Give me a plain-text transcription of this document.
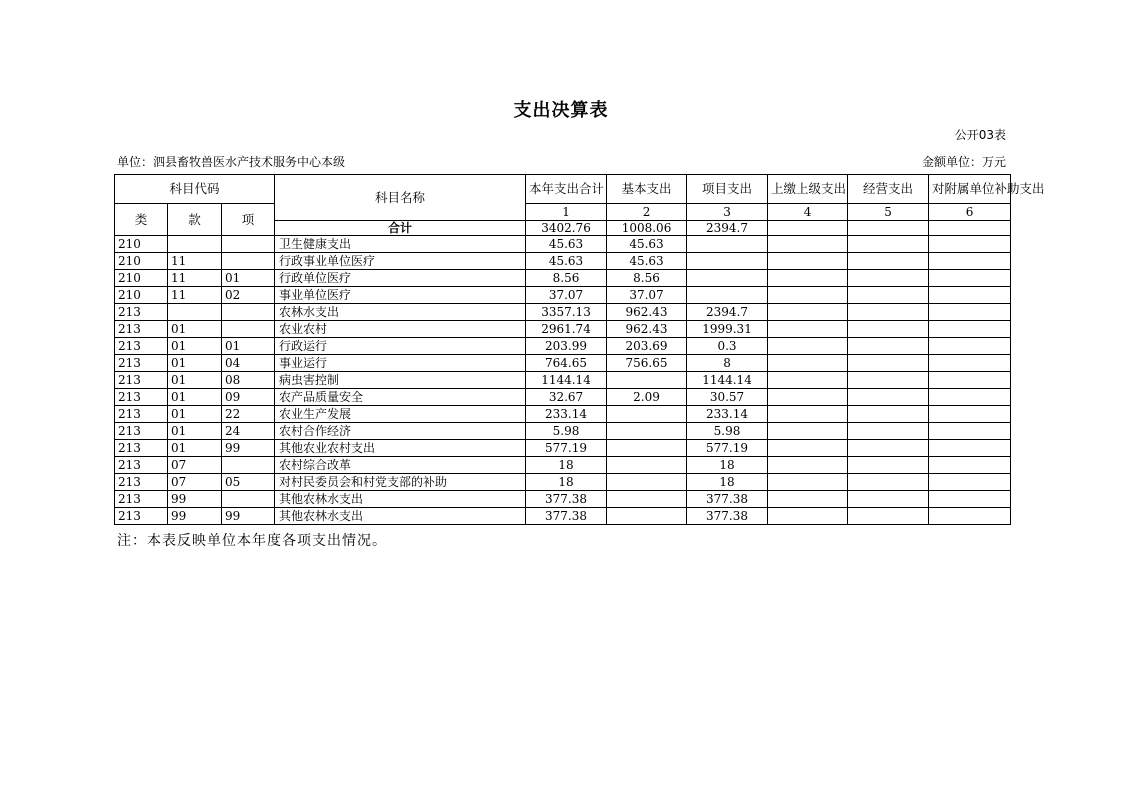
支出决算表
公开03表
单位：泗县畜牧兽医水产技术服务中心本级	金额单位：万元
科目代码			科目名称	本年支出合计	基本支出	项目支出	上缴上级支出	经营支出	对附属单位补助支出
类	款	项		1	2	3	4	5	6
			合计	3402.76	1008.06	2394.7			
210			卫生健康支出	45.63	45.63				
210	11		行政事业单位医疗	45.63	45.63				
210	11	01	行政单位医疗	8.56	8.56				
210	11	02	事业单位医疗	37.07	37.07				
213			农林水支出	3357.13	962.43	2394.7			
213	01		农业农村	2961.74	962.43	1999.31			
213	01	01	行政运行	203.99	203.69	0.3			
213	01	04	事业运行	764.65	756.65	8			
213	01	08	病虫害控制	1144.14		1144.14			
213	01	09	农产品质量安全	32.67	2.09	30.57			
213	01	22	农业生产发展	233.14		233.14			
213	01	24	农村合作经济	5.98		5.98			
213	01	99	其他农业农村支出	577.19		577.19			
213	07		农村综合改革	18		18			
213	07	05	对村民委员会和村党支部的补助	18		18			
213	99		其他农林水支出	377.38		377.38			
213	99	99	其他农林水支出	377.38		377.38			
注：本表反映单位本年度各项支出情况。
